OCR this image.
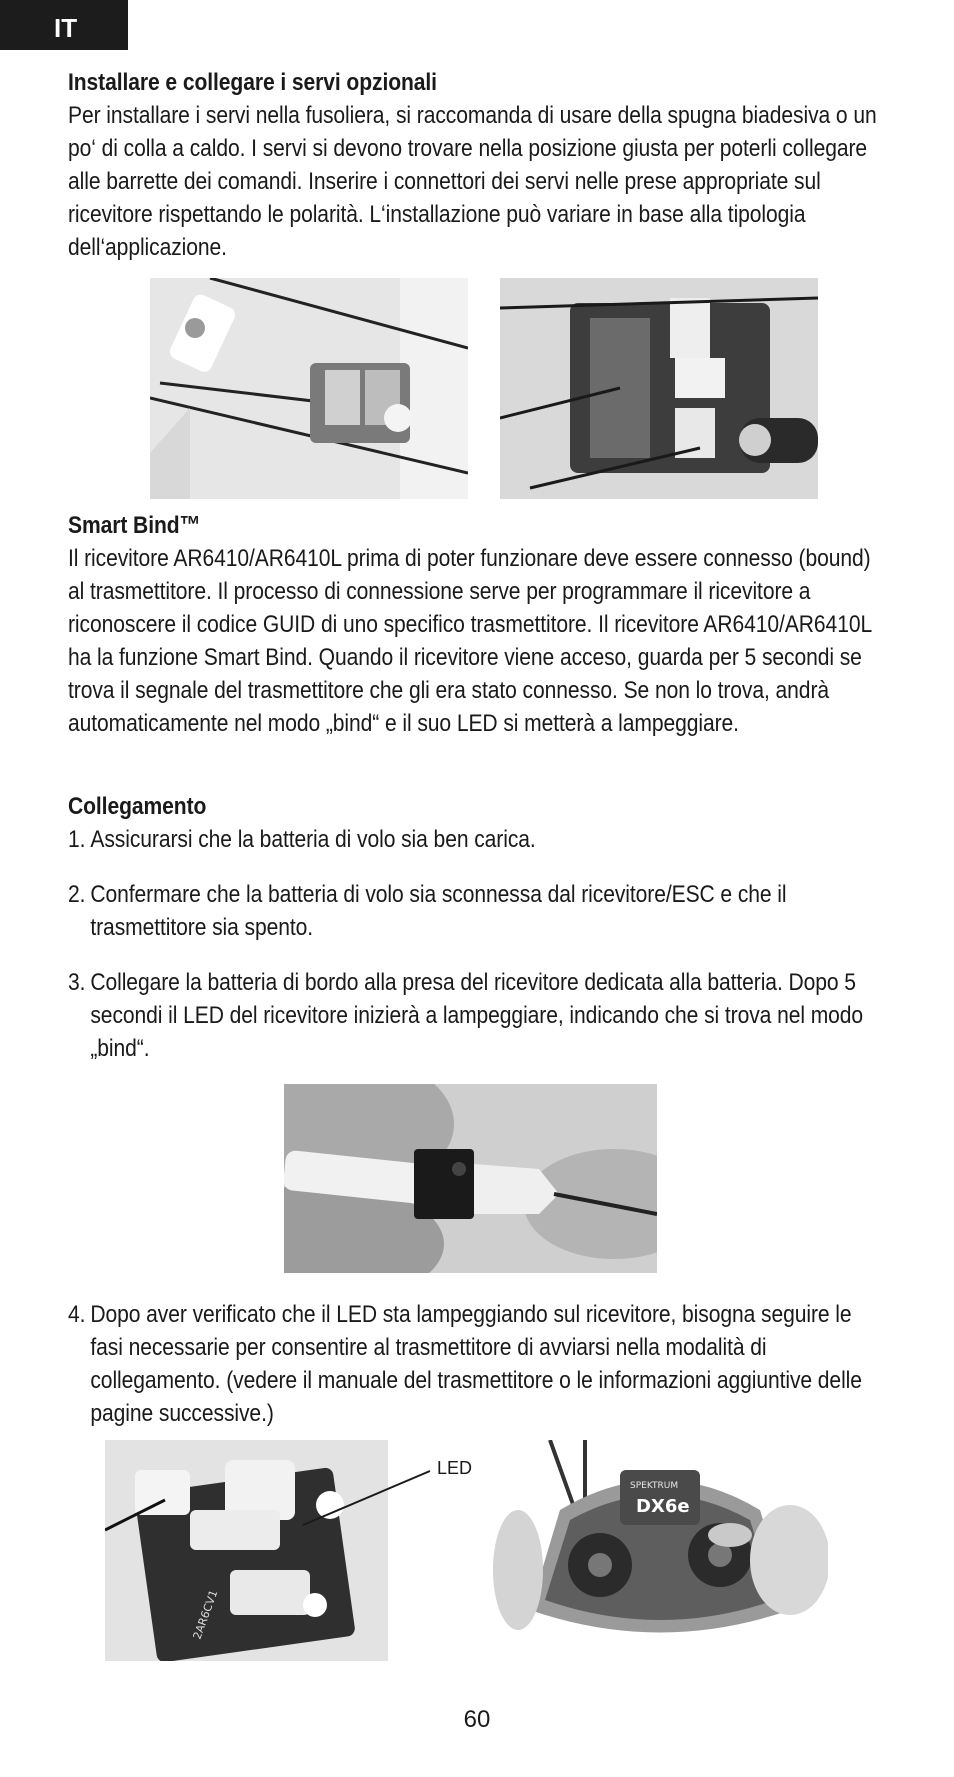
IT
Installare e collegare i servi opzionali

Per installare i servi nella fusoliera, si raccomanda di usare della spugna biadesiva o un po‘ di colla a caldo. I servi si devono trovare nella posizione giusta per poterli collegare alle barrette dei comandi. Inserire i connettori dei servi nelle prese appropriate sul ricevitore rispettando le polarità. L‘installazione può variare in base alla tipologia dell‘applicazione.

Smart Bind™

Il ricevitore AR6410/AR6410L prima di poter funzionare deve essere connesso (bound) al trasmettitore. Il processo di connessione serve per programmare il ricevitore a riconoscere il codice GUID di uno specifico trasmettitore. Il ricevitore AR6410/AR6410L ha la funzione Smart Bind. Quando il ricevitore viene acceso, guarda per 5 secondi se trova il segnale del trasmettitore che gli era stato connesso. Se non lo trova, andrà automaticamente nel modo „bind“ e il suo LED si metterà a lampeggiare.

Collegamento
1. Assicurarsi che la batteria di volo sia ben carica.
2. Confermare che la batteria di volo sia sconnessa dal ricevitore/ESC e che il trasmettitore sia spento.
3. Collegare la batteria di bordo alla presa del ricevitore dedicata alla batteria. Dopo 5 secondi il LED del ricevitore inizierà a lampeggiare, indicando che si trova nel modo „bind“.
4. Dopo aver verificato che il LED sta lampeggiando sul ricevitore, bisogna seguire le fasi necessarie per consentire al trasmettitore di avviarsi nella modalità di collegamento. (vedere il manuale del trasmettitore o le informazioni aggiuntive delle pagine successive.)
2AR6CV1
LED
SPEKTRUM
DX6e
60
